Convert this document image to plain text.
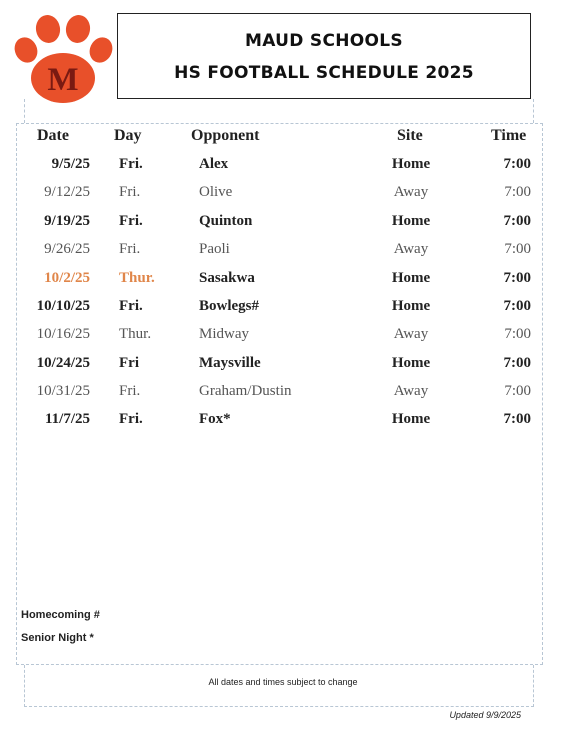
M
MAUD SCHOOLS
HS FOOTBALL SCHEDULE 2025
Date	Day	Opponent	Site	Time
9/5/25 Fri.	Alex	Home	7:00
9/12/25 Fri.	Olive	Away	7:00
9/19/25 Fri.	Quinton	Home	7:00
9/26/25 Fri.	Paoli	Away	7:00
10/2/25 Thur.	Sasakwa	Home	7:00
10/10/25 Fri.	Bowlegs#	Home	7:00
10/16/25 Thur.	Midway	Away	7:00
10/24/25 Fri	Maysville	Home	7:00
10/31/25 Fri.	Graham/Dustin	Away	7:00
11/7/25 Fri.	Fox*	Home	7:00
Homecoming #
Senior Night *
All dates and times subject to change
Updated 9/9/2025
